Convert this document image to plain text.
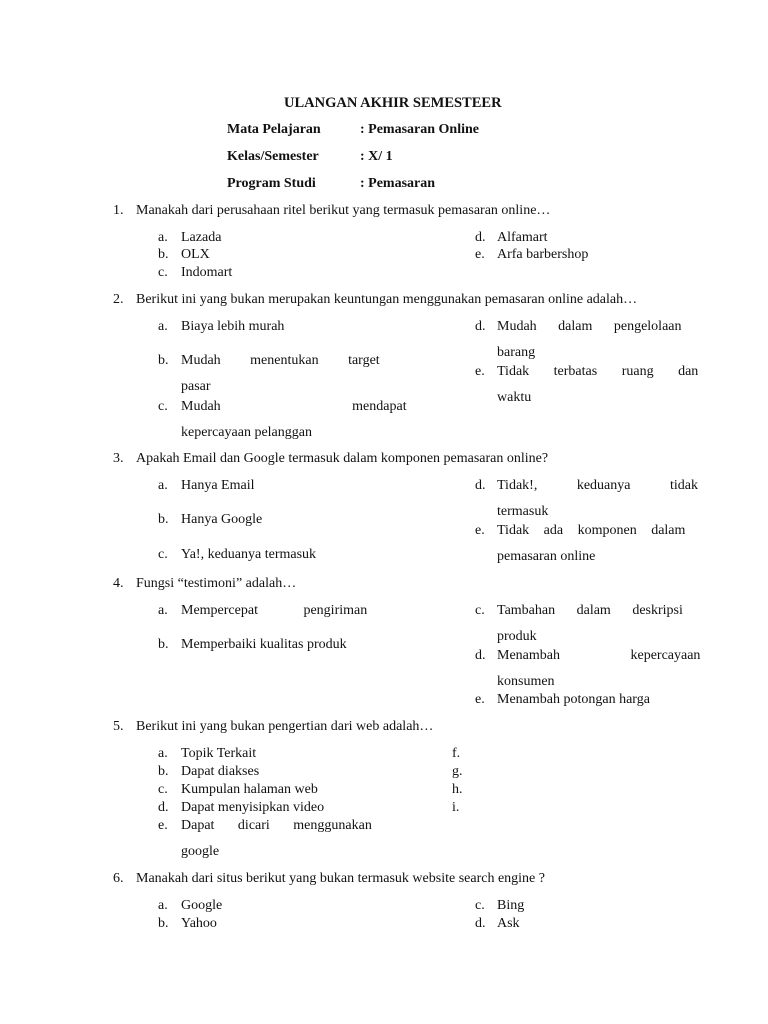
ULANGAN AKHIR SEMESTEER
Mata Pelajaran	: Pemasaran Online
Kelas/Semester	: X/ 1
Program Studi	: Pemasaran
1. Manakah dari perusahaan ritel berikut yang termasuk pemasaran online…
a. Lazada
b. OLX
c. Indomart
d. Alfamart
e. Arfa barbershop
2. Berikut ini yang bukan merupakan keuntungan menggunakan pemasaran online adalah…
a. Biaya lebih murah
b. Mudah menentukan target
pasar
c. Mudah mendapat
kepercayaan pelanggan
d. Mudah dalam pengelolaan
barang
e. Tidak terbatas ruang dan
waktu
3. Apakah Email dan Google termasuk dalam komponen pemasaran online?
a. Hanya Email
b. Hanya Google
c. Ya!, keduanya termasuk
d. Tidak!, keduanya tidak
termasuk
e. Tidak ada komponen dalam
pemasaran online
4. Fungsi “testimoni” adalah…
a. Mempercepat pengiriman
b. Memperbaiki kualitas produk
c. Tambahan dalam deskripsi
produk
d. Menambah kepercayaan
konsumen
e. Menambah potongan harga
5. Berikut ini yang bukan pengertian dari web adalah…
a. Topik Terkait
b. Dapat diakses
c. Kumpulan halaman web
d. Dapat menyisipkan video
e. Dapat dicari menggunakan
google
f.
g.
h.
i.
6. Manakah dari situs berikut yang bukan termasuk website search engine ?
a. Google
b. Yahoo
c. Bing
d. Ask
